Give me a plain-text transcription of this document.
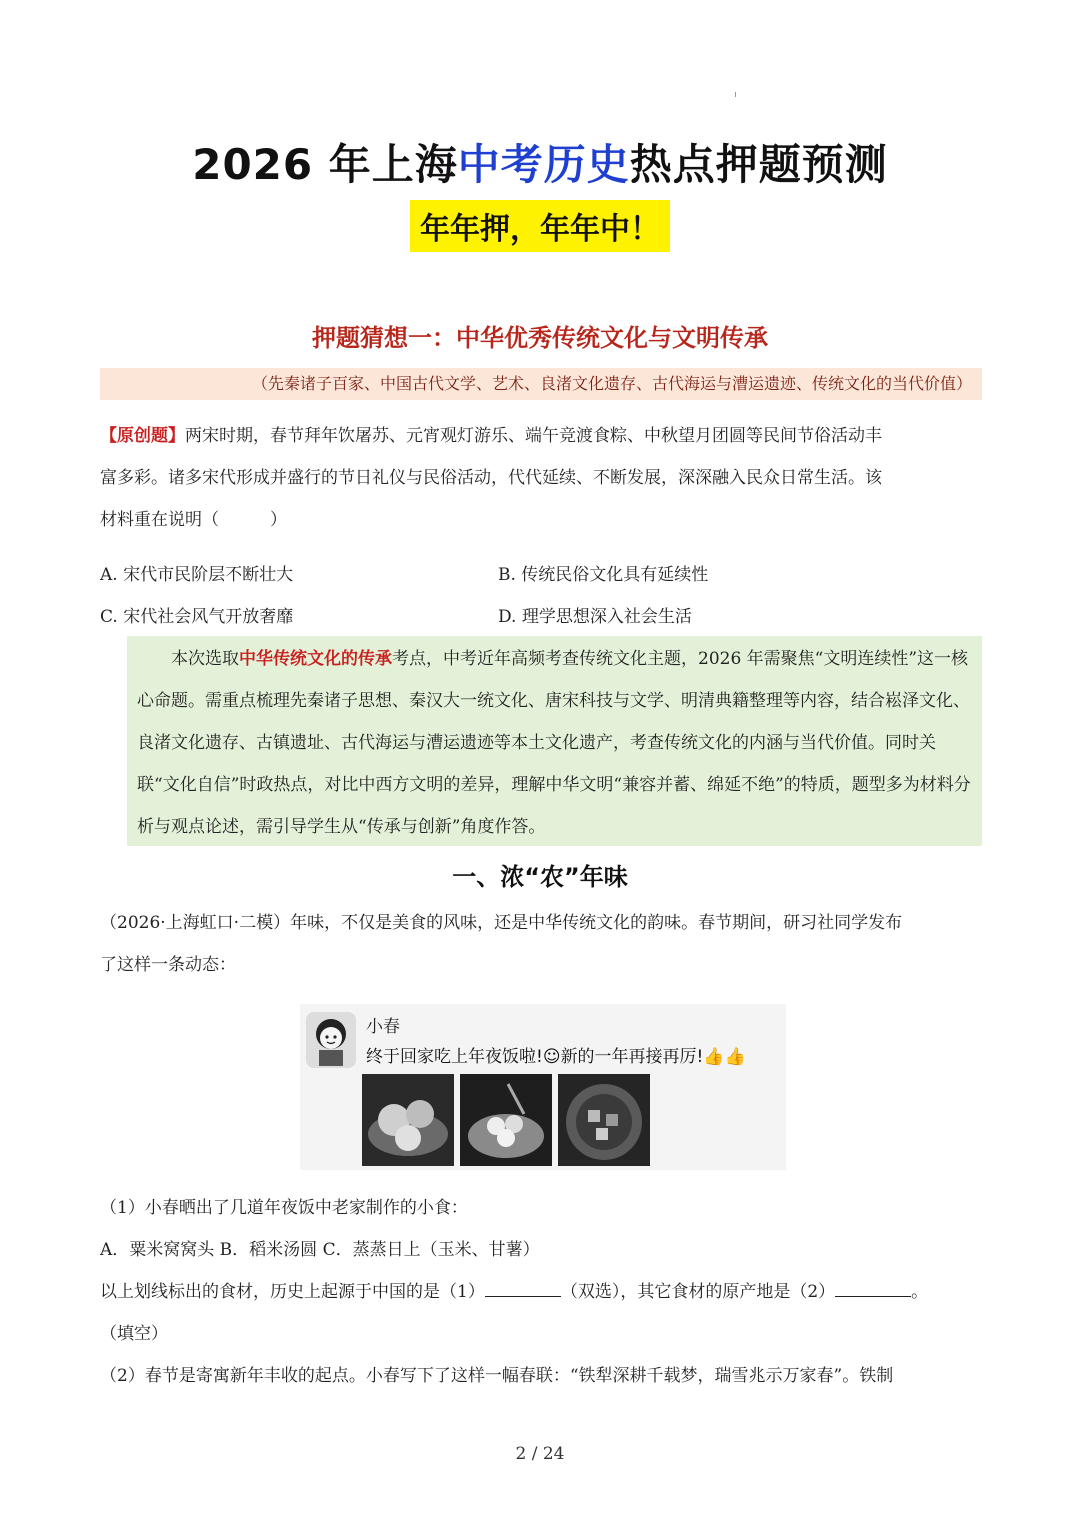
2026 年上海中考历史热点押题预测
年年押，年年中！
押题猜想一：中华优秀传统文化与文明传承
（先秦诸子百家、中国古代文学、艺术、良渚文化遗存、古代海运与漕运遗迹、传统文化的当代价值）
【原创题】两宋时期，春节拜年饮屠苏、元宵观灯游乐、端午竞渡食粽、中秋望月团圆等民间节俗活动丰
富多彩。诸多宋代形成并盛行的节日礼仪与民俗活动，代代延续、不断发展，深深融入民众日常生活。该
材料重在说明（　　　）
A. 宋代市民阶层不断壮大	B. 传统民俗文化具有延续性
C. 宋代社会风气开放奢靡	D. 理学思想深入社会生活
本次选取中华传统文化的传承考点，中考近年高频考查传统文化主题，2026 年需聚焦“文明连续性”这一核心命题。需重点梳理先秦诸子思想、秦汉大一统文化、唐宋科技与文学、明清典籍整理等内容，结合崧泽文化、良渚文化遗存、古镇遗址、古代海运与漕运遗迹等本土文化遗产，考查传统文化的内涵与当代价值。同时关联“文化自信”时政热点，对比中西方文明的差异，理解中华文明“兼容并蓄、绵延不绝”的特质，题型多为材料分析与观点论述，需引导学生从“传承与创新”角度作答。
一、浓“农”年味
（2026·上海虹口·二模）年味，不仅是美食的风味，还是中华传统文化的韵味。春节期间，研习社同学发布
了这样一条动态：
小春
终于回家吃上年夜饭啦!☺新的一年再接再厉!👍👍
（1）小春晒出了几道年夜饭中老家制作的小食：
A．粟米窝窝头 B．稻米汤圆 C．蒸蒸日上（玉米、甘薯）
以上划线标出的食材，历史上起源于中国的是（1）	（双选），其它食材的原产地是（2）	。
（填空）
（2）春节是寄寓新年丰收的起点。小春写下了这样一幅春联：“铁犁深耕千载梦，瑞雪兆示万家春”。铁制
2 / 24
